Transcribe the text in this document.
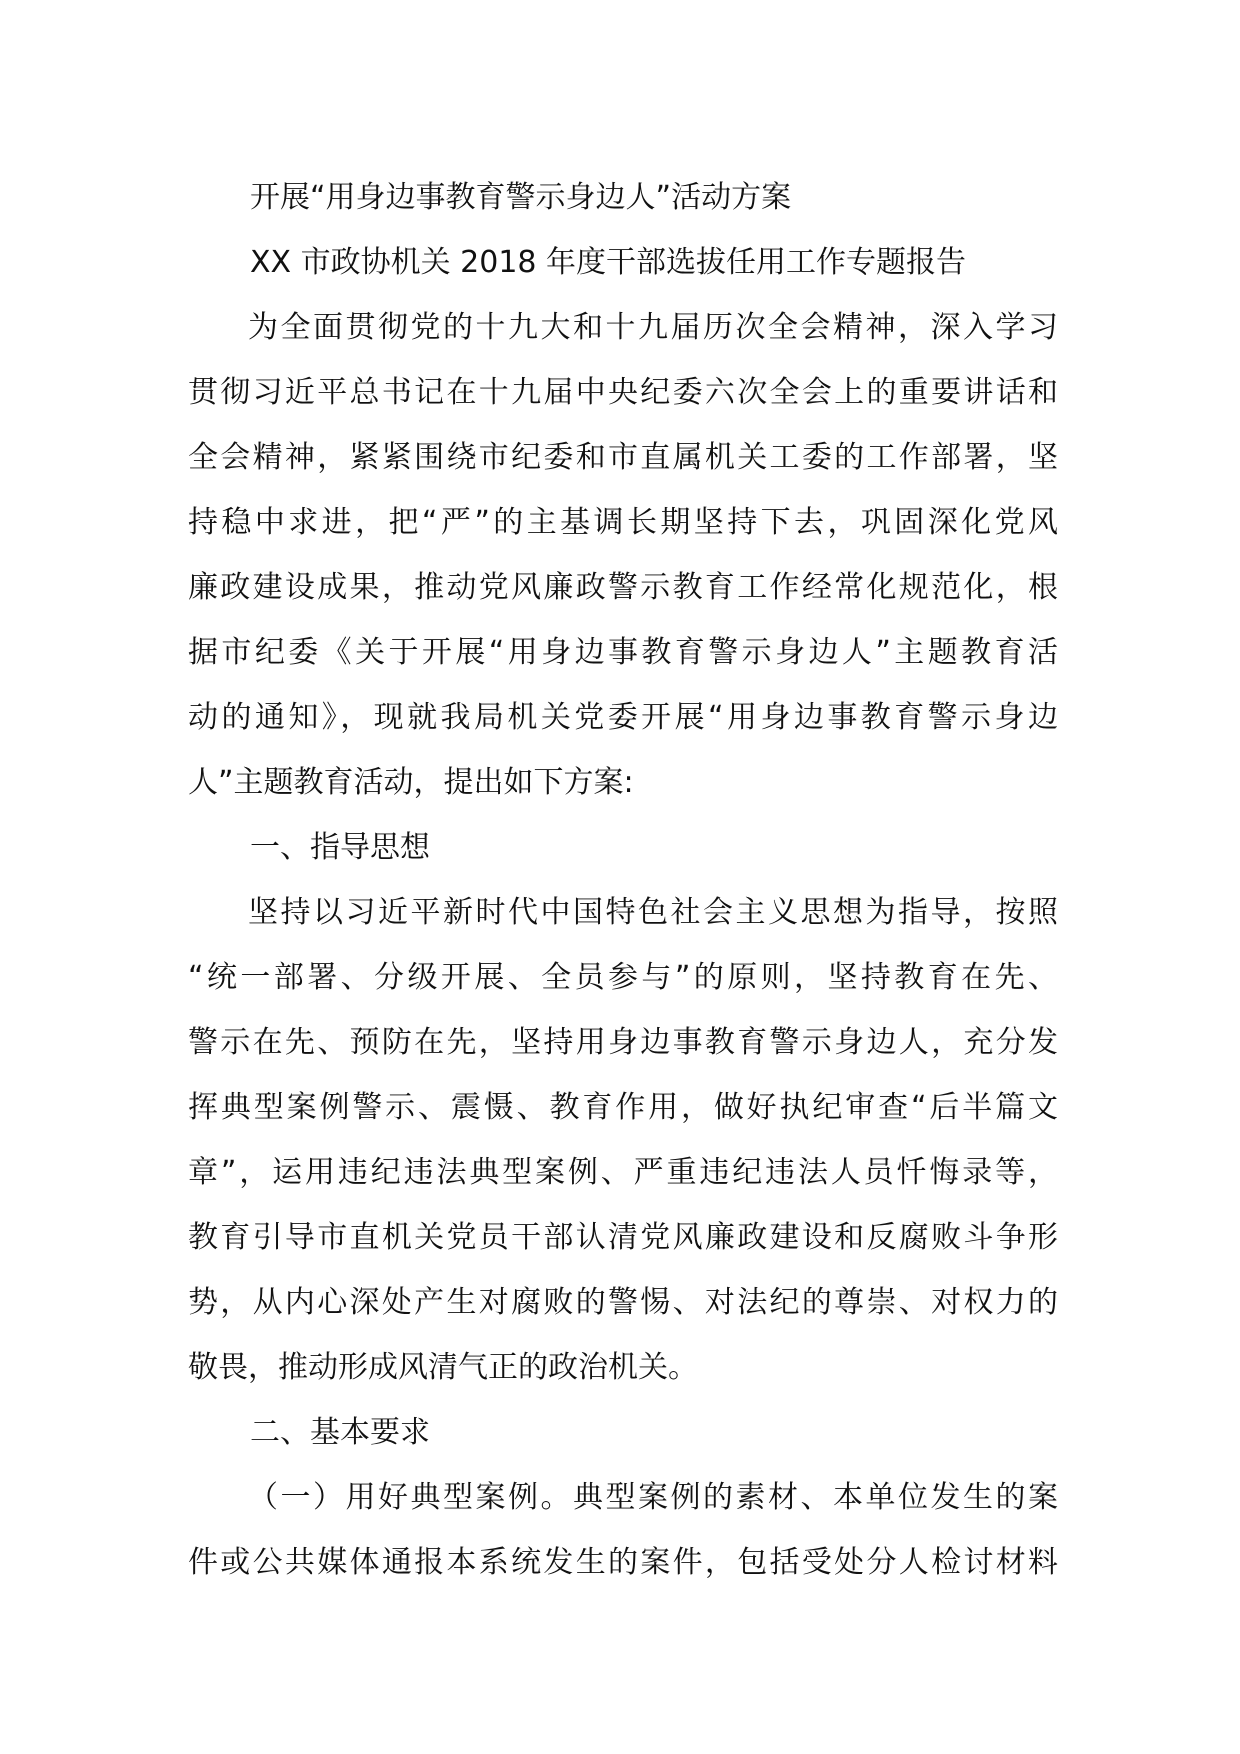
开展“用身边事教育警示身边人”活动方案
XX 市政协机关 2018 年度干部选拔任用工作专题报告
为全面贯彻党的十九大和十九届历次全会精神，深入学习
贯彻习近平总书记在十九届中央纪委六次全会上的重要讲话和
全会精神，紧紧围绕市纪委和市直属机关工委的工作部署，坚
持稳中求进，把“严”的主基调长期坚持下去，巩固深化党风
廉政建设成果，推动党风廉政警示教育工作经常化规范化，根
据市纪委《关于开展“用身边事教育警示身边人”主题教育活
动的通知》，现就我局机关党委开展“用身边事教育警示身边
人”主题教育活动，提出如下方案:
一、指导思想
坚持以习近平新时代中国特色社会主义思想为指导，按照
“统一部署、分级开展、全员参与”的原则，坚持教育在先、
警示在先、预防在先，坚持用身边事教育警示身边人，充分发
挥典型案例警示、震慑、教育作用，做好执纪审查“后半篇文
章”，运用违纪违法典型案例、严重违纪违法人员忏悔录等，
教育引导市直机关党员干部认清党风廉政建设和反腐败斗争形
势，从内心深处产生对腐败的警惕、对法纪的尊崇、对权力的
敬畏，推动形成风清气正的政治机关。
二、基本要求
（一）用好典型案例。典型案例的素材、本单位发生的案
件或公共媒体通报本系统发生的案件，包括受处分人检讨材料
